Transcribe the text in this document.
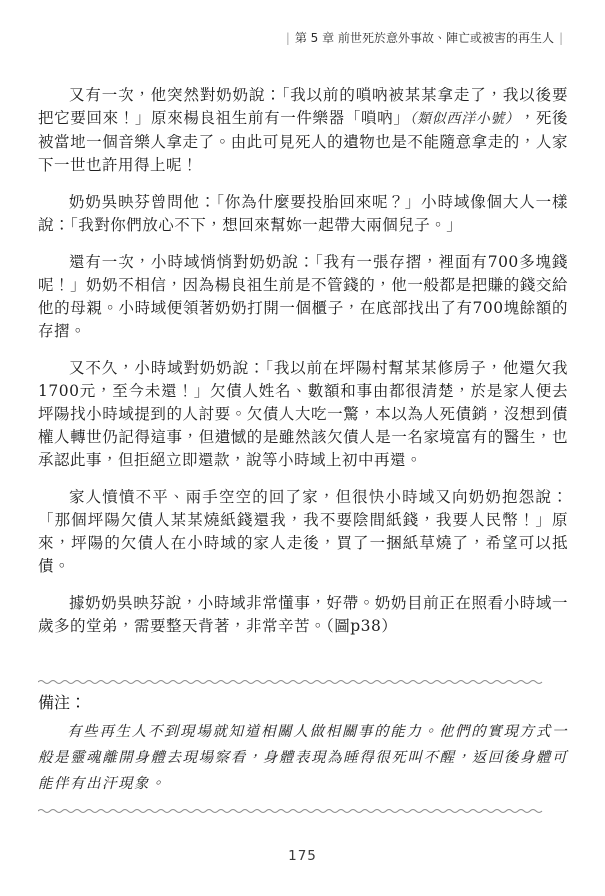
| 第 5 章 前世死於意外事故、陣亡或被害的再生人 |

又有一次，他突然對奶奶說：「我以前的嗩吶被某某拿走了，我以後要把它要回來！」原來楊良祖生前有一件樂器「嗩吶」（類似西洋小號），死後被當地一個音樂人拿走了。由此可見死人的遺物也是不能隨意拿走的，人家下一世也許用得上呢！

奶奶吳映芬曾問他：「你為什麼要投胎回來呢？」小時域像個大人一樣說：「我對你們放心不下，想回來幫妳一起帶大兩個兒子。」

還有一次，小時域悄悄對奶奶說：「我有一張存摺，裡面有700多塊錢呢！」奶奶不相信，因為楊良祖生前是不管錢的，他一般都是把賺的錢交給他的母親。小時域便領著奶奶打開一個櫃子，在底部找出了有700塊餘額的存摺。

又不久，小時域對奶奶說：「我以前在坪陽村幫某某修房子，他還欠我1700元，至今未還！」欠債人姓名、數額和事由都很清楚，於是家人便去坪陽找小時域提到的人討要。欠債人大吃一驚，本以為人死債銷，沒想到債權人轉世仍記得這事，但遺憾的是雖然該欠債人是一名家境富有的醫生，也承認此事，但拒絕立即還款，說等小時域上初中再還。

家人憤憤不平、兩手空空的回了家，但很快小時域又向奶奶抱怨說：「那個坪陽欠債人某某燒紙錢還我，我不要陰間紙錢，我要人民幣！」原來，坪陽的欠債人在小時域的家人走後，買了一捆紙草燒了，希望可以抵債。

據奶奶吳映芬說，小時域非常懂事，好帶。奶奶目前正在照看小時域一歲多的堂弟，需要整天背著，非常辛苦。（圖p38）

備注：

有些再生人不到現場就知道相關人做相關事的能力。他們的實現方式一般是靈魂離開身體去現場察看，身體表現為睡得很死叫不醒，返回後身體可能伴有出汗現象。

175
